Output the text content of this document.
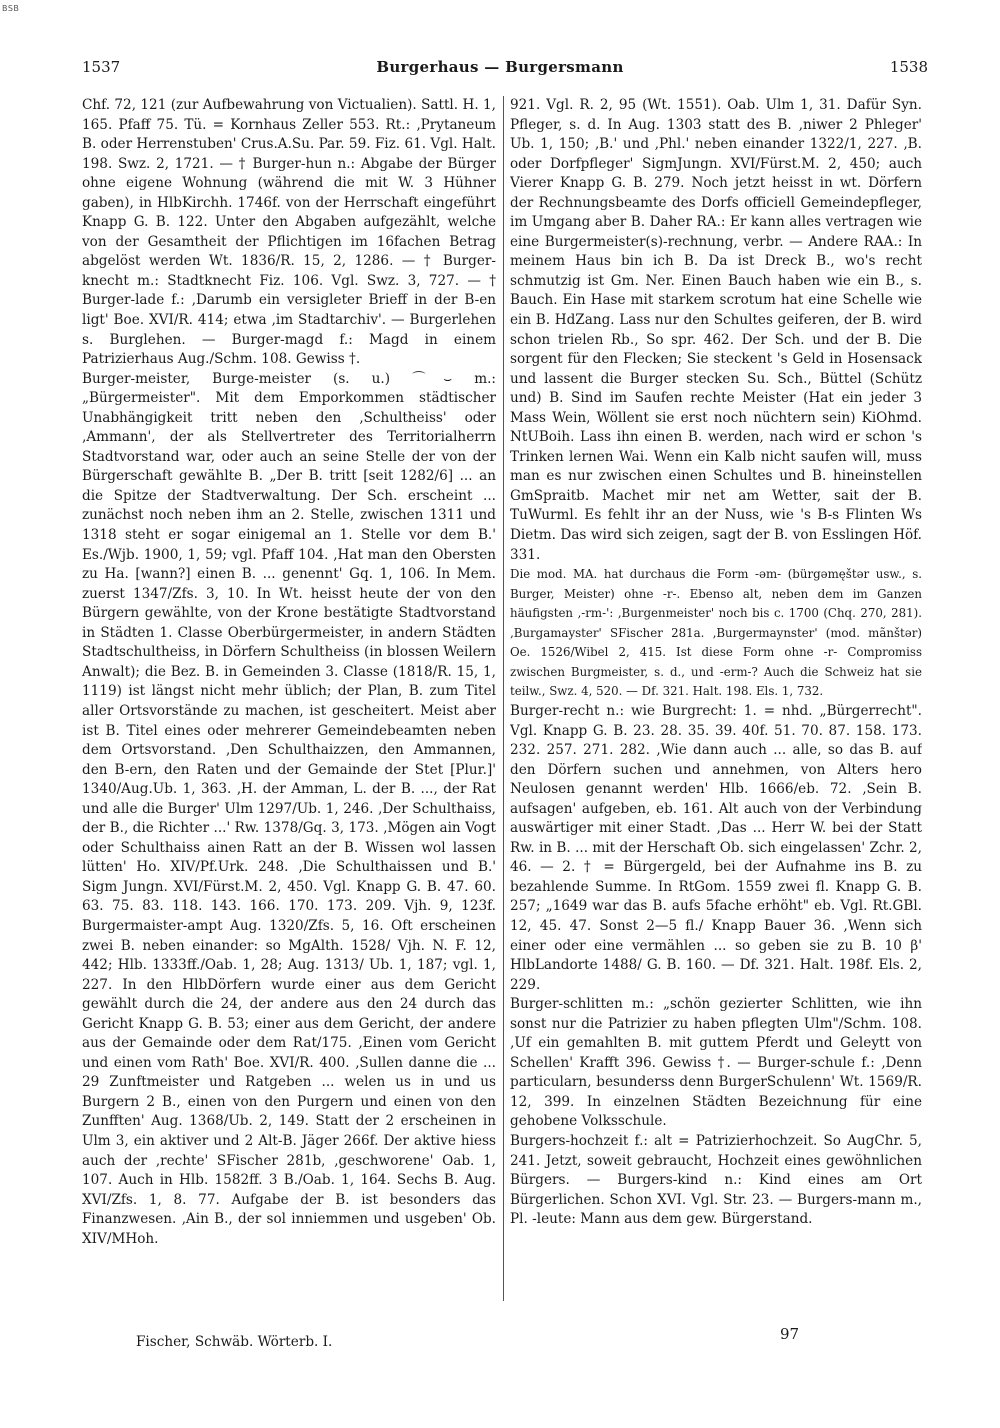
BSB
1537	Burgerhaus — Burgersmann	1538

Chf. 72, 121 (zur Aufbewahrung von Victualien). Sattl. H. 1, 165. Pfaff 75. Tü. = Kornhaus Zeller 553. Rt.: ‚Prytaneum B. oder Herrenstuben' Crus.A.Su. Par. 59. Fiz. 61. Vgl. Halt. 198. Swz. 2, 1721. — † Burger-hun n.: Abgabe der Bürger ohne eigene Wohnung (während die mit W. 3 Hühner gaben), in HlbKirchh. 1746f. von der Herrschaft eingeführt Knapp G. B. 122. Unter den Abgaben aufgezählt, welche von der Gesamtheit der Pflichtigen im 16fachen Betrag abgelöst werden Wt. 1836/R. 15, 2, 1286. — † Burger-knecht m.: Stadtknecht Fiz. 106. Vgl. Swz. 3, 727. — † Burger-lade f.: ‚Darumb ein versigleter Brieff in der B-en ligt' Boe. XVI/R. 414; etwa ‚im Stadtarchiv'. — Burgerlehen s. Burglehen. — Burger-magd f.: Magd in einem Patrizierhaus Aug./Schm. 108. Gewiss †.

Burger-meister, Burge-meister (s. u.) ⌒⌣ m.: „Bürgermeister". Mit dem Emporkommen städtischer Unabhängigkeit tritt neben den ‚Schultheiss' oder ‚Ammann', der als Stellvertreter des Territorialherrn Stadtvorstand war, oder auch an seine Stelle der von der Bürgerschaft gewählte B. „Der B. tritt [seit 1282/6] ... an die Spitze der Stadtverwaltung. Der Sch. erscheint ... zunächst noch neben ihm an 2. Stelle, zwischen 1311 und 1318 steht er sogar einigemal an 1. Stelle vor dem B.' Es./Wjb. 1900, 1, 59; vgl. Pfaff 104. ‚Hat man den Obersten zu Ha. [wann?] einen B. ... genennt' Gq. 1, 106. In Mem. zuerst 1347/Zfs. 3, 10. In Wt. heisst heute der von den Bürgern gewählte, von der Krone bestätigte Stadtvorstand in Städten 1. Classe Oberbürgermeister, in andern Städten Stadtschultheiss, in Dörfern Schultheiss (in blossen Weilern Anwalt); die Bez. B. in Gemeinden 3. Classe (1818/R. 15, 1, 1119) ist längst nicht mehr üblich; der Plan, B. zum Titel aller Ortsvorstände zu machen, ist gescheitert. Meist aber ist B. Titel eines oder mehrerer Gemeindebeamten neben dem Ortsvorstand. ‚Den Schulthaizzen, den Ammannen, den B-ern, den Raten und der Gemainde der Stet [Plur.]' 1340/Aug.Ub. 1, 363. ‚H. der Amman, L. der B. ..., der Rat und alle die Burger' Ulm 1297/Ub. 1, 246. ‚Der Schulthaiss, der B., die Richter ...' Rw. 1378/Gq. 3, 173. ‚Mögen ain Vogt oder Schulthaiss ainen Ratt an der B. Wissen wol lassen lütten' Ho. XIV/Pf.Urk. 248. ‚Die Schulthaissen und B.' Sigm Jungn. XVI/Fürst.M. 2, 450. Vgl. Knapp G. B. 47. 60. 63. 75. 83. 118. 143. 166. 170. 173. 209. Vjh. 9, 123f. Burgermaister-ampt Aug. 1320/Zfs. 5, 16. Oft erscheinen zwei B. neben einander: so MgAlth. 1528/ Vjh. N. F. 12, 442; Hlb. 1333ff./Oab. 1, 28; Aug. 1313/ Ub. 1, 187; vgl. 1, 227. In den HlbDörfern wurde einer aus dem Gericht gewählt durch die 24, der andere aus den 24 durch das Gericht Knapp G. B. 53; einer aus dem Gericht, der andere aus der Gemainde oder dem Rat/175. ‚Einen vom Gericht und einen vom Rath' Boe. XVI/R. 400. ‚Sullen danne die ... 29 Zunftmeister und Ratgeben ... welen us in und us Burgern 2 B., einen von den Purgern und einen von den Zunfften' Aug. 1368/Ub. 2, 149. Statt der 2 erscheinen in Ulm 3, ein aktiver und 2 Alt-B. Jäger 266f. Der aktive hiess auch der ‚rechte' SFischer 281b, ‚geschworene' Oab. 1, 107. Auch in Hlb. 1582ff. 3 B./Oab. 1, 164. Sechs B. Aug. XVI/Zfs. 1, 8. 77. Aufgabe der B. ist besonders das Finanzwesen. ‚Ain B., der sol inniemmen und usgeben' Ob. XIV/MHoh.

921. Vgl. R. 2, 95 (Wt. 1551). Oab. Ulm 1, 31. Dafür Syn. Pfleger, s. d. In Aug. 1303 statt des B. ‚niwer 2 Phleger' Ub. 1, 150; ‚B.' und ‚Phl.' neben einander 1322/1, 227. ‚B. oder Dorfpfleger' SigmJungn. XVI/Fürst.M. 2, 450; auch Vierer Knapp G. B. 279. Noch jetzt heisst in wt. Dörfern der Rechnungsbeamte des Dorfs officiell Gemeindepfleger, im Umgang aber B. Daher RA.: Er kann alles vertragen wie eine Burgermeister(s)-rechnung, verbr. — Andere RAA.: In meinem Haus bin ich B. Da ist Dreck B., wo's recht schmutzig ist Gm. Ner. Einen Bauch haben wie ein B., s. Bauch. Ein Hase mit starkem scrotum hat eine Schelle wie ein B. HdZang. Lass nur den Schultes geiferen, der B. wird schon trielen Rb., So spr. 462. Der Sch. und der B. Die sorgent für den Flecken; Sie steckent 's Geld in Hosensack und lassent die Burger stecken Su. Sch., Büttel (Schütz und) B. Sind im Saufen rechte Meister (Hat ein jeder 3 Mass Wein, Wöllent sie erst noch nüchtern sein) KiOhmd. NtUBoih. Lass ihn einen B. werden, nach wird er schon 's Trinken lernen Wai. Wenn ein Kalb nicht saufen will, muss man es nur zwischen einen Schultes und B. hineinstellen GmSpraitb. Machet mir net am Wetter, sait der B. TuWurml. Es fehlt ihr an der Nuss, wie 's B-s Flinten Ws Dietm. Das wird sich zeigen, sagt der B. von Esslingen Höf. 331.

Die mod. MA. hat durchaus die Form -əm- (bürgəmęštər usw., s. Burger, Meister) ohne -r-. Ebenso alt, neben dem im Ganzen häufigsten ‚-rm-': ‚Burgenmeister' noch bis c. 1700 (Chq. 270, 281). ‚Burgamayster' SFischer 281a. ‚Burgermaynster' (mod. mãnštər) Oe. 1526/Wibel 2, 415. Ist diese Form ohne -r- Compromiss zwischen Burgmeister, s. d., und -erm-? Auch die Schweiz hat sie teilw., Swz. 4, 520. — Df. 321. Halt. 198. Els. 1, 732.

Burger-recht n.: wie Burgrecht: 1. = nhd. „Bürgerrecht". Vgl. Knapp G. B. 23. 28. 35. 39. 40f. 51. 70. 87. 158. 173. 232. 257. 271. 282. ‚Wie dann auch ... alle, so das B. auf den Dörfern suchen und annehmen, von Alters hero Neulosen genannt werden' Hlb. 1666/eb. 72. ‚Sein B. aufsagen' aufgeben, eb. 161. Alt auch von der Verbindung auswärtiger mit einer Stadt. ‚Das ... Herr W. bei der Statt Rw. in B. ... mit der Herschaft Ob. sich eingelassen' Zchr. 2, 46. — 2. † = Bürgergeld, bei der Aufnahme ins B. zu bezahlende Summe. In RtGom. 1559 zwei fl. Knapp G. B. 257; „1649 war das B. aufs 5fache erhöht" eb. Vgl. Rt.GBl. 12, 45. 47. Sonst 2—5 fl./ Knapp Bauer 36. ‚Wenn sich einer oder eine vermählen ... so geben sie zu B. 10 β' HlbLandorte 1488/ G. B. 160. — Df. 321. Halt. 198f. Els. 2, 229.

Burger-schlitten m.: „schön gezierter Schlitten, wie ihn sonst nur die Patrizier zu haben pflegten Ulm"/Schm. 108. ‚Uf ein gemahlten B. mit guttem Pferdt und Geleytt von Schellen' Krafft 396. Gewiss †. — Burger-schule f.: ‚Denn particularn, besunderss denn BurgerSchulenn' Wt. 1569/R. 12, 399. In einzelnen Städten Bezeichnung für eine gehobene Volksschule.

Burgers-hochzeit f.: alt = Patrizierhochzeit. So AugChr. 5, 241. Jetzt, soweit gebraucht, Hochzeit eines gewöhnlichen Bürgers. — Burgers-kind n.: Kind eines am Ort Bürgerlichen. Schon XVI. Vgl. Str. 23. — Burgers-mann m., Pl. -leute: Mann aus dem gew. Bürgerstand.

Fischer, Schwäb. Wörterb. I.	97
